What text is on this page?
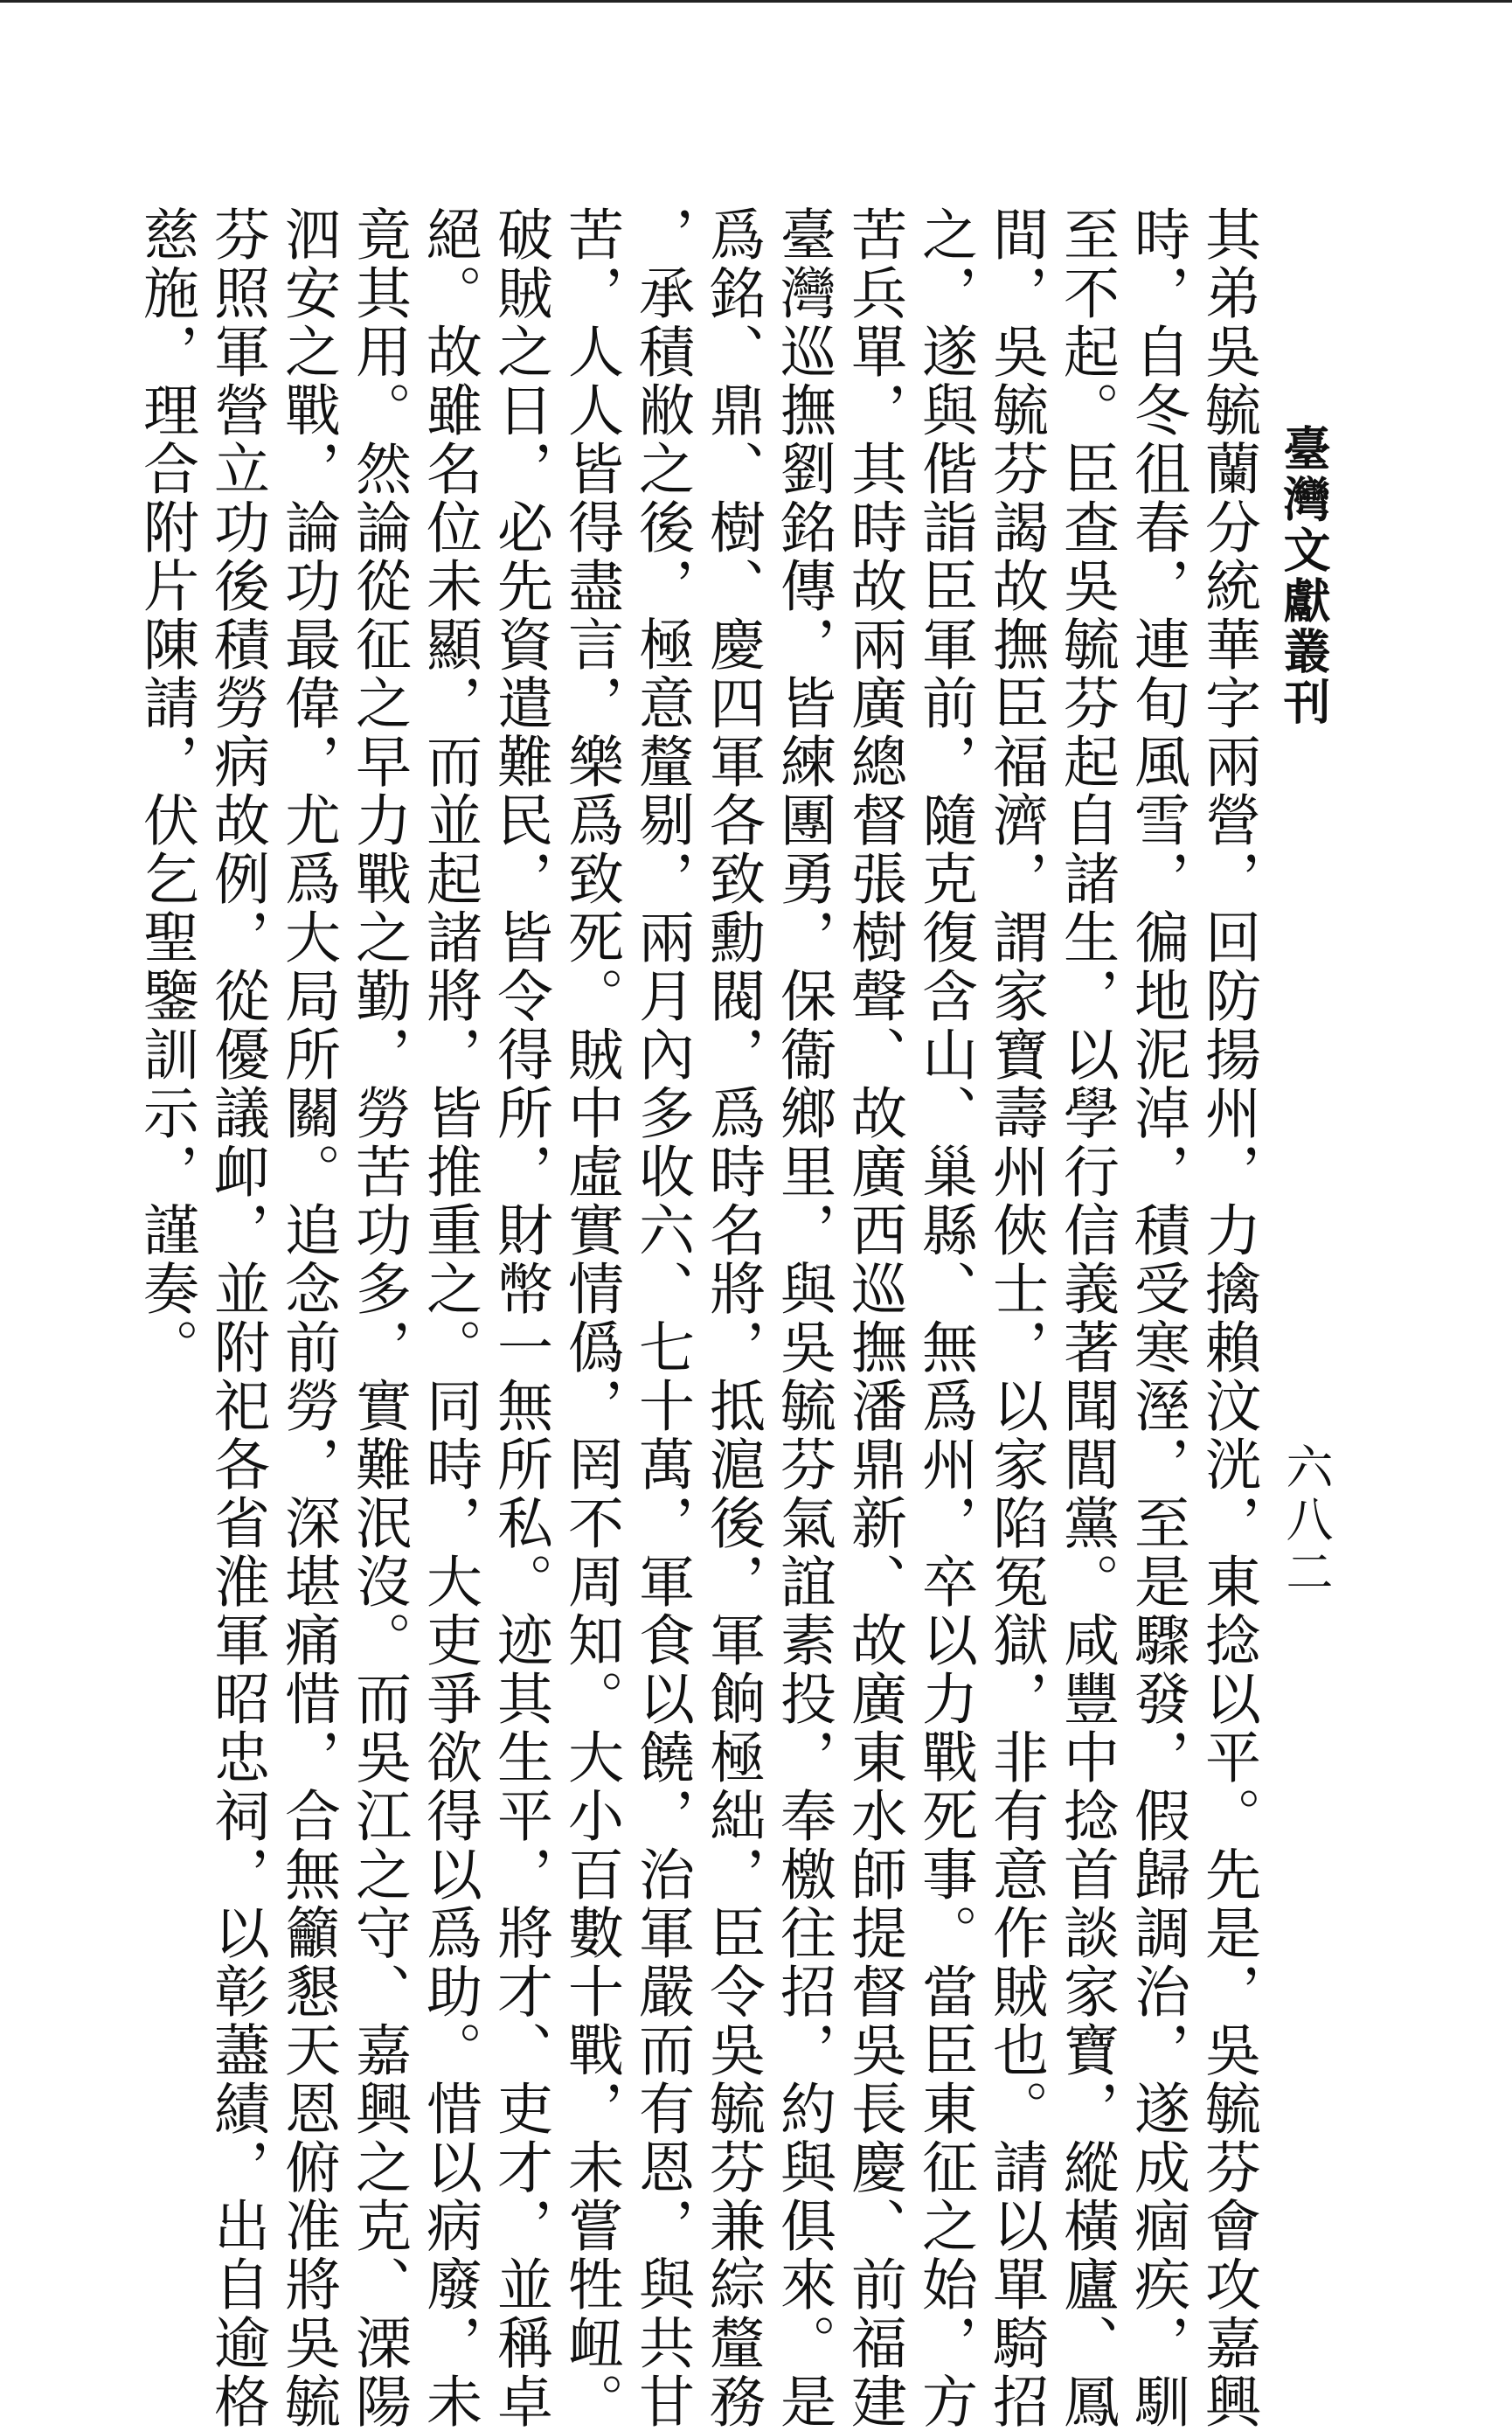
臺灣文獻叢刊
六八二
其弟吳毓蘭分統華字兩營，回防揚州，力擒賴汶洸，東捻以平。先是，吳毓芬會攻嘉興
時，自冬徂春，連旬風雪，徧地泥淖，積受寒溼，至是驟發，假歸調治，遂成痼疾，馴
至不起。臣查吳毓芬起自諸生，以學行信義著聞閭黨。咸豐中捻首談家寶，縱橫廬、鳳
間，吳毓芬謁故撫臣福濟，謂家寶壽州俠士，以家陷冤獄，非有意作賊也。請以單騎招
之，遂與偕詣臣軍前，隨克復含山、巢縣、無爲州，卒以力戰死事。當臣東征之始，方
苦兵單，其時故兩廣總督張樹聲、故廣西巡撫潘鼎新、故廣東水師提督吳長慶、前福建
臺灣巡撫劉銘傳，皆練團勇，保衞鄉里，與吳毓芬氣誼素投，奉檄往招，約與俱來。是
爲銘、鼎、樹、慶四軍各致勳閥，爲時名將，抵滬後，軍餉極絀，臣令吳毓芬兼綜釐務
，承積敝之後，極意釐剔，兩月內多收六、七十萬，軍食以饒，治軍嚴而有恩，與共甘
苦，人人皆得盡言，樂爲致死。賊中虛實情僞，罔不周知。大小百數十戰，未嘗牲衄。
破賊之日，必先資遣難民，皆令得所，財幣一無所私。迹其生平，將才、吏才，並稱卓
絕。故雖名位未顯，而並起諸將，皆推重之。同時，大吏爭欲得以爲助。惜以病廢，未
竟其用。然論從征之早力戰之勤，勞苦功多，實難泯沒。而吳江之守、嘉興之克、溧陽
泗安之戰，論功最偉，尤爲大局所關。追念前勞，深堪痛惜，合無籲懇天恩俯准將吳毓
芬照軍營立功後積勞病故例，從優議卹，並附祀各省淮軍昭忠祠，以彰藎績，出自逾格
慈施，理合附片陳請，伏乞聖鑒訓示，謹奏。
